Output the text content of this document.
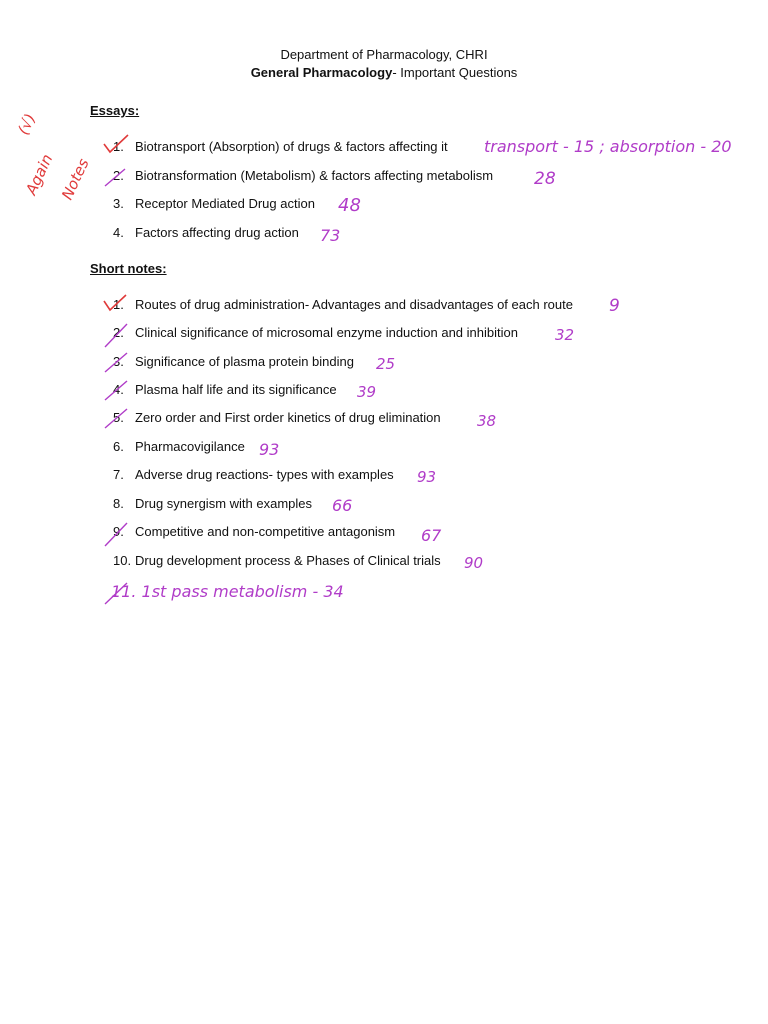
Department of Pharmacology, CHRI
General Pharmacology- Important Questions
Essays:
1. Biotransport (Absorption) of drugs & factors affecting it
2. Biotransformation (Metabolism) & factors affecting metabolism
3. Receptor Mediated Drug action
4. Factors affecting drug action
transport - 15 ; absorption - 20
28
48
73
Short notes:
1. Routes of drug administration- Advantages and disadvantages of each route
2. Clinical significance of microsomal enzyme induction and inhibition
3. Significance of plasma protein binding
4. Plasma half life and its significance
5. Zero order and First order kinetics of drug elimination
6. Pharmacovigilance
7. Adverse drug reactions- types with examples
8. Drug synergism with examples
9. Competitive and non-competitive antagonism
10. Drug development process & Phases of Clinical trials
9
32
25
39
38
93
93
66
67
90
11. 1st pass metabolism - 34
(√)
Again Notes
